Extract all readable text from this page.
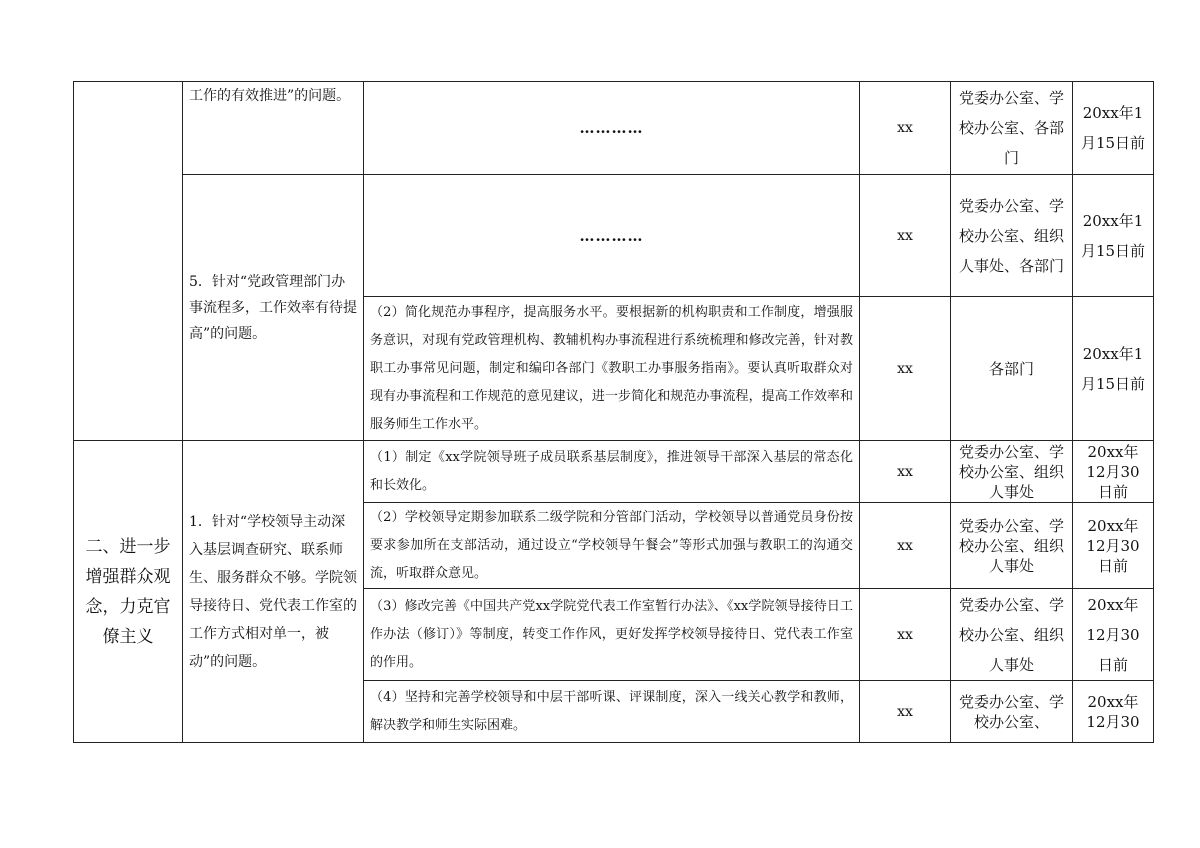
	工作的有效推进”的问题。	…………	xx	党委办公室、学校办公室、各部门	20xx年1月15日前
	5．针对“党政管理部门办事流程多，工作效率有待提高”的问题。	…………	xx	党委办公室、学校办公室、组织人事处、各部门	20xx年1月15日前
		（2）简化规范办事程序，提高服务水平。要根据新的机构职责和工作制度，增强服务意识，对现有党政管理机构、教辅机构办事流程进行系统梳理和修改完善，针对教职工办事常见问题，制定和编印各部门《教职工办事服务指南》。要认真听取群众对现有办事流程和工作规范的意见建议，进一步简化和规范办事流程，提高工作效率和服务师生工作水平。	xx	各部门	20xx年1月15日前
二、进一步增强群众观念，力克官僚主义	1．针对“学校领导主动深入基层调查研究、联系师生、服务群众不够。学院领导接待日、党代表工作室的工作方式相对单一，被动”的问题。	（1）制定《xx学院领导班子成员联系基层制度》，推进领导干部深入基层的常态化和长效化。	xx	党委办公室、学校办公室、组织人事处	20xx年12月30日前
		（2）学校领导定期参加联系二级学院和分管部门活动，学校领导以普通党员身份按要求参加所在支部活动，通过设立“学校领导午餐会”等形式加强与教职工的沟通交流，听取群众意见。	xx	党委办公室、学校办公室、组织人事处	20xx年12月30日前
		（3）修改完善《中国共产党xx学院党代表工作室暂行办法》、《xx学院领导接待日工作办法（修订）》等制度，转变工作作风，更好发挥学校领导接待日、党代表工作室的作用。	xx	党委办公室、学校办公室、组织人事处	20xx年12月30日前
		（4）坚持和完善学校领导和中层干部听课、评课制度，深入一线关心教学和教师，解决教学和师生实际困难。	xx	党委办公室、学校办公室、	20xx年12月30
